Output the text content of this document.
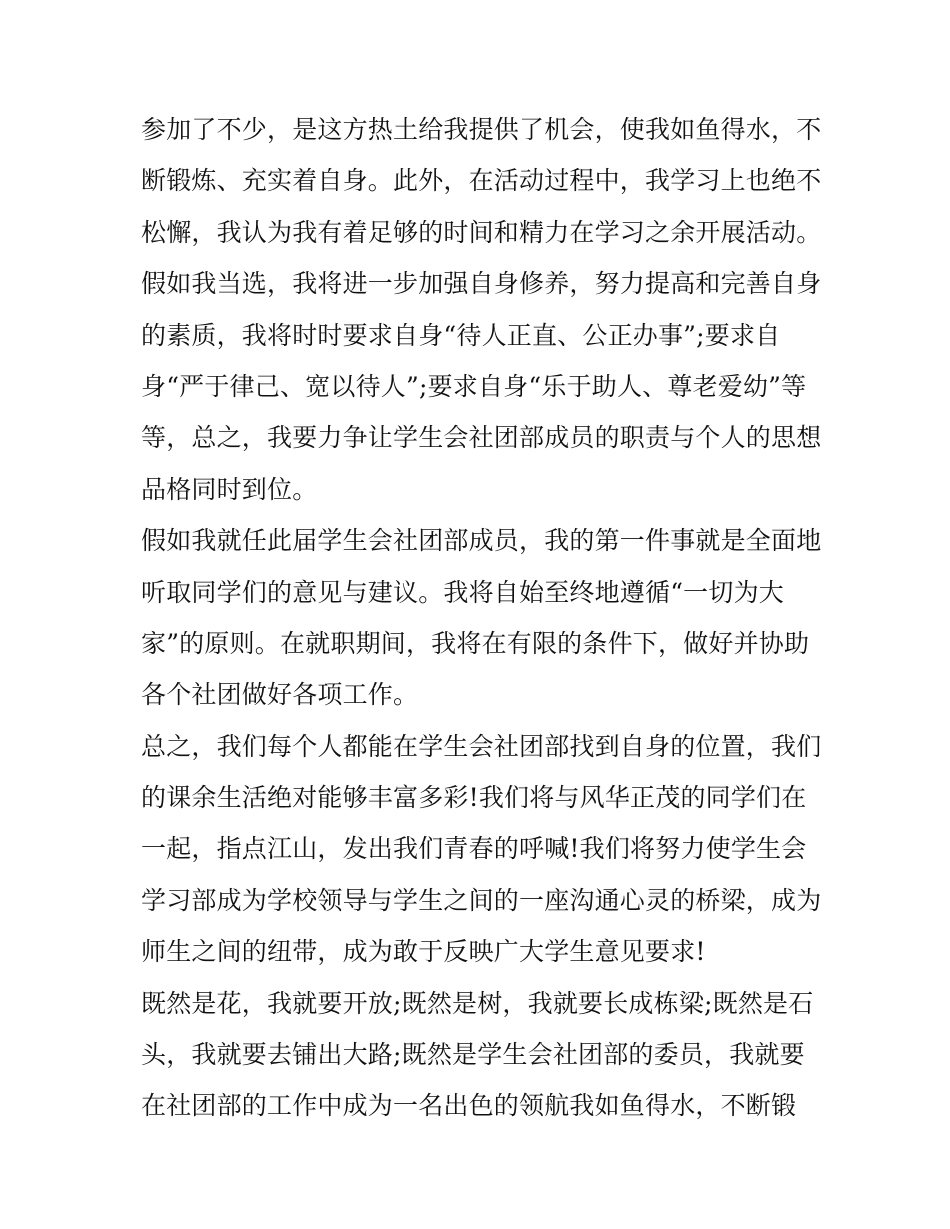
参加了不少，是这方热土给我提供了机会，使我如鱼得水，不
断锻炼、充实着自身。此外，在活动过程中，我学习上也绝不
松懈，我认为我有着足够的时间和精力在学习之余开展活动。
假如我当选，我将进一步加强自身修养，努力提高和完善自身
的素质，我将时时要求自身“待人正直、公正办事”;要求自
身“严于律己、宽以待人”;要求自身“乐于助人、尊老爱幼”等
等，总之，我要力争让学生会社团部成员的职责与个人的思想
品格同时到位。
假如我就任此届学生会社团部成员，我的第一件事就是全面地
听取同学们的意见与建议。我将自始至终地遵循“一切为大
家”的原则。在就职期间，我将在有限的条件下，做好并协助
各个社团做好各项工作。
总之，我们每个人都能在学生会社团部找到自身的位置，我们
的课余生活绝对能够丰富多彩!我们将与风华正茂的同学们在
一起，指点江山，发出我们青春的呼喊!我们将努力使学生会
学习部成为学校领导与学生之间的一座沟通心灵的桥梁，成为
师生之间的纽带，成为敢于反映广大学生意见要求!
既然是花，我就要开放;既然是树，我就要长成栋梁;既然是石
头，我就要去铺出大路;既然是学生会社团部的委员，我就要
在社团部的工作中成为一名出色的领航我如鱼得水，不断锻
